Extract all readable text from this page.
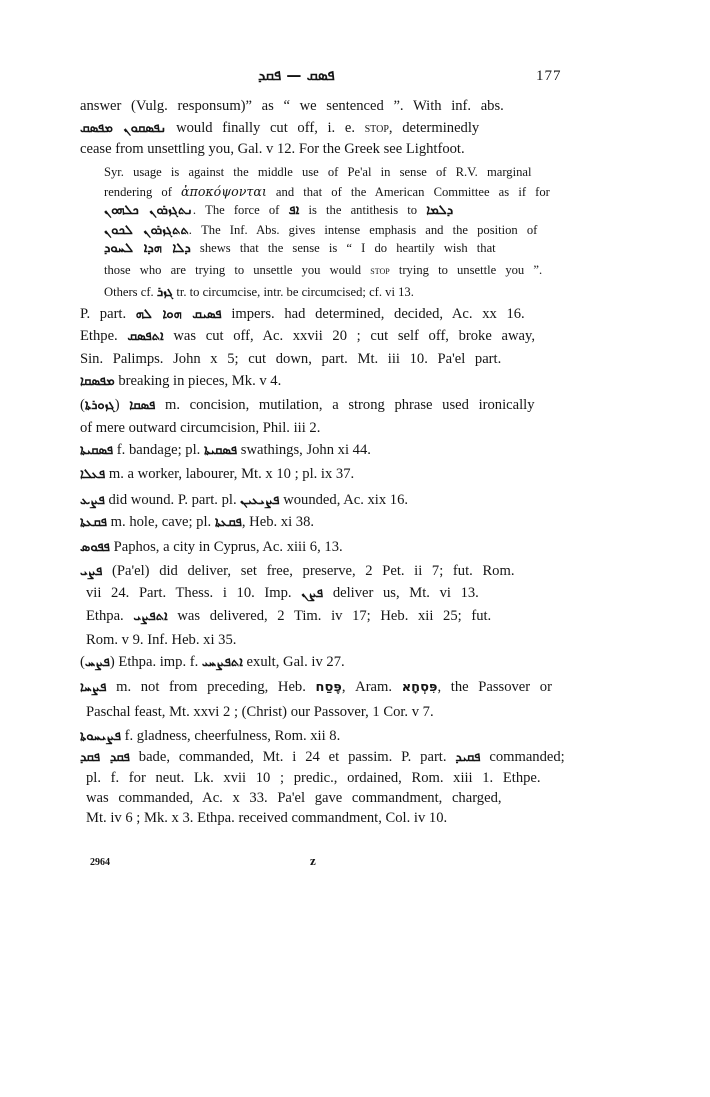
ܦܣܩ — ܦܩܕ	177
answer (Vulg. responsum)” as “ we sentenced ”. With inf. abs.
ܢܦܣܩܘܢ ܡܦܣܩ would finally cut off, i. e. stop, determinedly
cease from unsettling you, Gal. v 12. For the Greek see Lightfoot.
Syr. usage is against the middle use of Pe'al in sense of R.V. marginal
rendering of ἀποκόψονται and that of the American Committee as if for
ܢܬܓܙܪܘܢ ܟܠܗܘܢ. The force of ܐܦ is the antithesis to ܕܠܡܐ
ܬܬܓܙܪܘܢ ܠܟܘܢ. The Inf. Abs. gives intense emphasis and the position of
ܕܠܐ ܗܕܐ ܠܚܘܕ shews that the sense is “ I do heartily wish that
those who are trying to unsettle you would stop trying to unsettle you ”.
Others cf. ܓܙܪ tr. to circumcise, intr. be circumcised; cf. vi 13.
P. part. ܦܣܝܩ ܗܘܐ ܠܗ impers. had determined, decided, Ac. xx 16.
Ethpe. ܐܬܦܣܩ was cut off, Ac. xxvii 20 ; cut self off, broke away,
Sin. Palimps. John x 5; cut down, part. Mt. iii 10. Pa'el part.
ܡܦܣܩܐ breaking in pieces, Mk. v 4.
(ܓܙܘܪܬܐ) ܦܣܩܐ m. concision, mutilation, a strong phrase used ironically
of mere outward circumcision, Phil. iii 2.
ܦܣܩܝܬܐ f. bandage; pl. ܦܣܩܝܬܐ swathings, John xi 44.
ܦܥܠܐ m. a worker, labourer, Mt. x 10 ; pl. ix 37.
ܦܨܥ did wound. P. part. pl. ܦܨܝܥܝܢ wounded, Ac. xix 16.
ܦܩܥܬܐ m. hole, cave; pl. ܦܩܥܬܐ, Heb. xi 38.
ܦܦܘܣ Paphos, a city in Cyprus, Ac. xiii 6, 13.
ܦܨܝ (Pa'el) did deliver, set free, preserve, 2 Pet. ii 7; fut. Rom.
vii 24. Part. Thess. i 10. Imp. ܦܨܢ deliver us, Mt. vi 13.
Ethpa. ܐܬܦܨܝ was delivered, 2 Tim. iv 17; Heb. xii 25; fut.
Rom. v 9. Inf. Heb. xi 35.
(ܦܨܚ) Ethpa. imp. f. ܐܬܦܨܚܝ exult, Gal. iv 27.
ܦܨܚܐ m. not from preceding, Heb. פֶּסַח, Aram. פִּסְחָא, the Passover or
Paschal feast, Mt. xxvi 2 ; (Christ) our Passover, 1 Cor. v 7.
ܦܨܝܚܘܬܐ f. gladness, cheerfulness, Rom. xii 8.
ܦܩܕ ܦܩܕ bade, commanded, Mt. i 24 et passim. P. part. ܦܩܝܕ commanded;
pl. f. for neut. Lk. xvii 10 ; predic., ordained, Rom. xiii 1. Ethpe.
was commanded, Ac. x 33. Pa'el gave commandment, charged,
Mt. iv 6 ; Mk. x 3. Ethpa. received commandment, Col. iv 10.
2964	z
